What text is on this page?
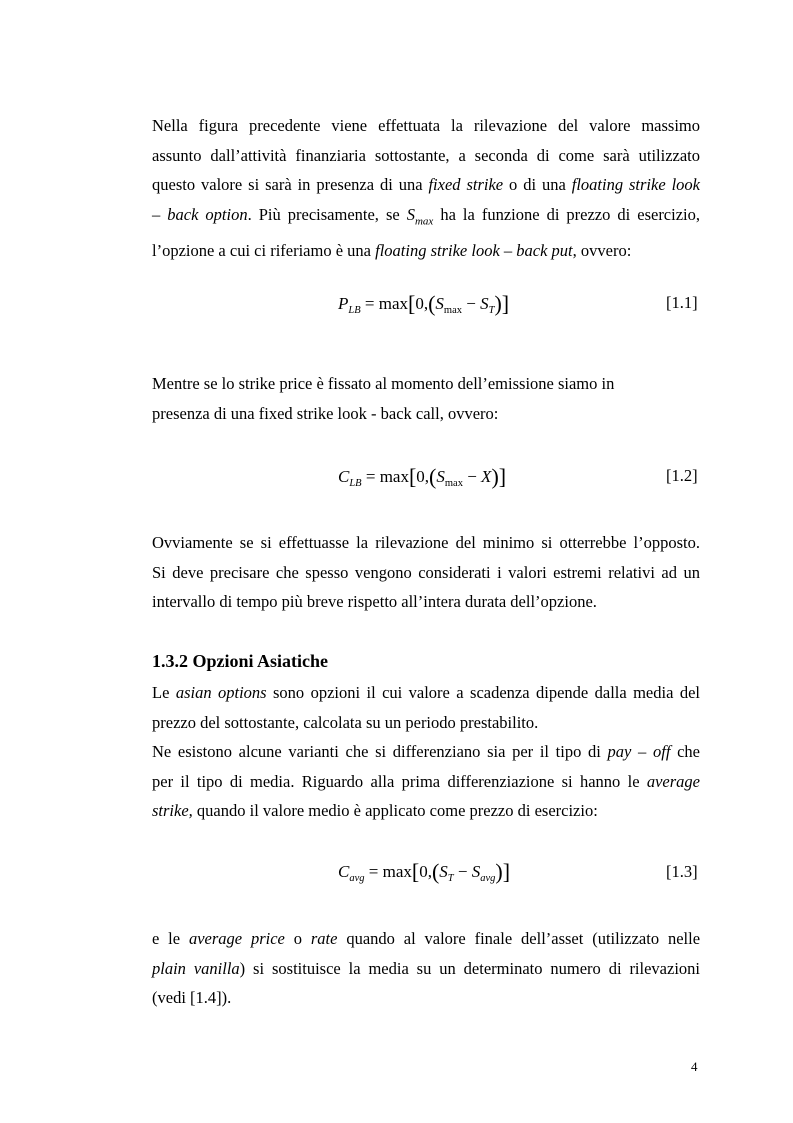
Nella figura precedente viene effettuata la rilevazione del valore massimo
assunto dall’attività finanziaria sottostante, a seconda di come sarà utilizzato
questo valore si sarà in presenza di una fixed strike o di una floating strike look
– back option. Più precisamente, se $S_{max}$ ha la funzione di prezzo di esercizio,
l’opzione a cui ci riferiamo è una floating strike look – back put, ovvero:
$P_{LB} = \max[0,(S_{max} - S_T)]$	[1.1]
Mentre se lo strike price è fissato al momento dell’emissione siamo in
presenza di una fixed strike look - back call, ovvero:
$C_{LB} = \max[0,(S_{max} - X)]$	[1.2]
Ovviamente se si effettuasse la rilevazione del minimo si otterrebbe l’opposto.
Si deve precisare che spesso vengono considerati i valori estremi relativi ad un
intervallo di tempo più breve rispetto all’intera durata dell’opzione.
1.3.2 Opzioni Asiatiche
Le asian options sono opzioni il cui valore a scadenza dipende dalla media del
prezzo del sottostante, calcolata su un periodo prestabilito.
Ne esistono alcune varianti che si differenziano sia per il tipo di pay – off che
per il tipo di media. Riguardo alla prima differenziazione si hanno le average
strike, quando il valore medio è applicato come prezzo di esercizio:
$C_{avg} = \max[0,(S_T - S_{avg})]$	[1.3]
e le average price o rate quando al valore finale dell’asset (utilizzato nelle
plain vanilla) si sostituisce la media su un determinato numero di rilevazioni
(vedi [1.4]).
4
